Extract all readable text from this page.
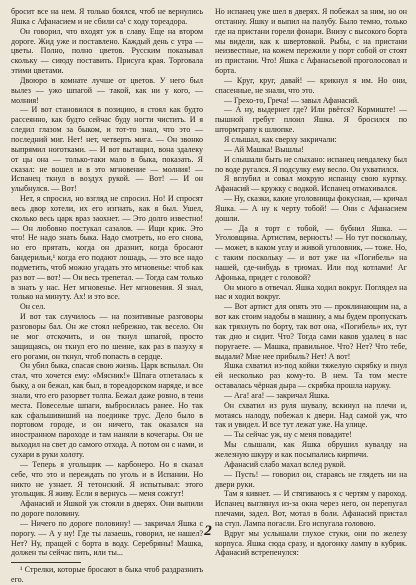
бросит все на нем. Я только боялся, чтоб не вернулись Яшка с Афанасием и не сбили са¹ с ходу тореадора.

Он говорил, что входят уж в славу. Еще на втором дороге. Жид уже и поставлено. Каждый день с утра — цветы. Полно, полно цветов. Русским показывал скольку — сиюду поставить. Присуга края. Торговала этими цветами.

Двоюро в комнате лучше от цветов. У него был вылез — ужо шпагой — такой, как ни у кого, — молния!

— И вот становился в позицию, я стоял как будто рассеянно, как будто сейчас буду ногти чистить. И я следил глазом за быком, и тот-то знал, что это — последний миг. Нет! нет, четверть мига. — Он звонко выпрямил ноготками. — И вот вытащил, вона здалеку от цы она — только-таки мало в быка, показать. Я сказал: не вошел и в это мгновение — молния! — Испанец ткнул в воздух рукой. — Вот! — И он улыбнулся. — Вот!

Нет, я спросил, но взгляд не спросил. Но! И спросят весь двор хотели, их его изгнать, как я был. Ушел, сколько весь царк враз заохнет. — Это долго известно! — Он любовно постукал сазалов. — Ищи крик. Это что! Не надо знать быка. Надо смотреть, но его снова, но его прятать, когда он дразнит, когда бросают бандерильи,¹ когда его подают лошадь, — это все надо подметить, чтоб можно угадать это мгновенье: чтоб как раз вот — вот! — Он весь трепетал. — Тогда сам только в знать у нас. Нет мгновенье. Нет мгновения. Я знал, только на минуту. Ах! и это все.

Он сел.

И вот так случилось — на позитивные разговоры разговоры бал. Он же стоял небрежно, так весело. Он не мог отскочить, и он ткнул шпагой, просто защищаясь, он ткнул его по шеине, как раз в пазуху я его рогами, он ткнул, чтоб попасть в сердце.

Он убил быка, спасая свою жизнь. Царк вспылал. Он стал, что хочется ему: «Мясник!» Шпага отлеталась к быку, а он бежал, как был, в тореадорском наряде, и все знали, что его разорвет толпа. Бежал даже ровно, в тени места. Повеселые шпаги, выбросилась ранее. Но так как сфальшивиший на поединке трус. Дело было в портовом городе, и он ничего, так оказался на иностранном пароходе и там наняли в кочегары. Он не выходил на свет до самого отхода. А потом он с нами, и сухари в руки холоту.

— Теперь я угольщик — карбонеро. Но я сказал себе, что это и переждать по уголь и в Испании. Но никто не узнает. Я тетонский. Я испытывал: этого угольщик. Я живу. Если я вернусь — меня сожгут!

Афанасий и Яшкой уж стояли в дверях. Они выпили по дороге половину.

— Ничего по дороге половину! — закричал Яшка с порогу. — А у ну! Где ты лазаешь, говорил, не нашел? Нет? Ну, пращей с борта в воду. Серебряны! Машка, должен ты сейчас пить, или ты...

¹ Стрелки, которые бросают в быка чтоб раздразнить его.

Но испанец уже шел в дверях. Я побежал за ним, но он отстанну. Яшку и выпил на палубу. Было темно, только где на пристани горели фонари. Внизу с высокого борта мы видели, как к швертовкой. Рыбы, с на пристани неизвестные, на кожем пережили у порт собой от стоят из пристани. Что! Яшка с Афанасьевой проголосовал и борта.

— Круг, круг, давай! — крикнул я им. Но они, спасенные, не знали, что это.

— Грехо-то, Греча! — завыл Афанасий.

— А ну, выдернет где? Или рвётся? Кормиште! — пышной гребут плоил Яшка. Я бросился по штормтрапу к шлюпке.

Я слышал, как сверху закричали:

— Ай Машка! Вышлы!

И слышали быть не слыхано: испанец невдалеку был по воде ругался. Я подсулку ему весло. Он ухватился.

Я вглубил и совал мокрую испанцу свою куртку. Афанасий — кружку с водкой. Испанец отмахивался.

— Ну, сказки, какие уголовницы фокусная, — кричал Яшка. — А ну к черту тобой! — Они с Афанасием дошли.

— Да я торт с тобой, — бубнил Яшка. — Уголовщина. Артистим, верность! — Но тут поскольку, — может, в каком углу и живой уголовник, — тоже. Но, с таким поскольку — и вот уже на «Погибель» на нашей, где-нибудь в трюмах. Или под котлами! Аг Афонька, придет с головой?

Он много в отвечал. Яшка ходил вокруг. Поглядел на нас и ходил вокруг.

— Вот артист для опять это — проклинающим на, а вот как стоим надобы в машину, а мы будем пропускать как тряхнуть по борту, так вот она, «Погибель» их, тут так дно и сидит. Что? Тогда сами каков удалец в нас поругаете. — Машка, правильное. Что? Нет? Что тебе, выдали? Мне нее прибыль? Нет! А вот!

Яшка схватил из-под койки тяжелую скрябку и пнул ей несколько раз кому-то. В нем. Та том месте оставалась чёрная дыра — скрябка прошла наружу.

— Ага! ага! — закричал Яшка.

Он схватил из руля шувалу, вскинул на плечи и, мотаясь налоду, побежал к двери. Над самой уж, что так и увидел. И все тут лежат уже. На улице.

— Ты сейчас уж, ну с меня повадите!

Мы слышали, как Яшка обрушил кувалду на железную шкуру и как посыпались кирпичи.

Афанасий слабо махал вслед рукой.

— Пусть! — говорил он, стараясь не глядеть ни на двери руки.

Там я кивнет. — И стягиваюсь я с чертям у пароход. Испанец выглянул из-за окна через него, он перепугал плечами, задел. Вот, мотал в боли. Афанасий пристал на стул. Лампа погасли. Его испугала головою.

Вдруг мы услышали глухое стуки, они по железу корпуса. Яшка сюда сразу, и вдогонку лампу в кубрик. Афанасий встрепенулся:

2
